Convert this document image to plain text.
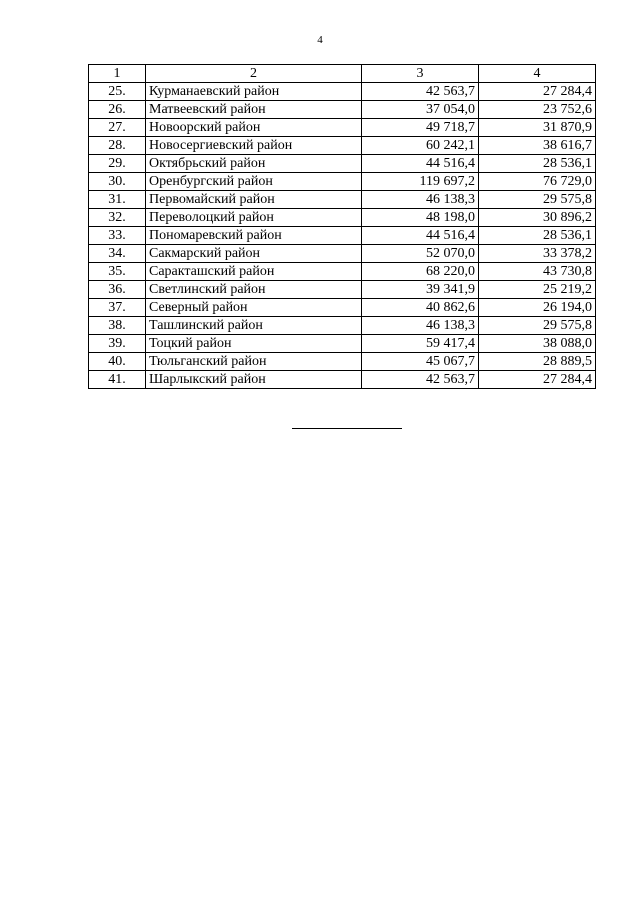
4
1	2	3	4
25.	Курманаевский район	42 563,7	27 284,4
26.	Матвеевский район	37 054,0	23 752,6
27.	Новоорский район	49 718,7	31 870,9
28.	Новосергиевский район	60 242,1	38 616,7
29.	Октябрьский район	44 516,4	28 536,1
30.	Оренбургский район	119 697,2	76 729,0
31.	Первомайский район	46 138,3	29 575,8
32.	Переволоцкий район	48 198,0	30 896,2
33.	Пономаревский район	44 516,4	28 536,1
34.	Сакмарский район	52 070,0	33 378,2
35.	Саракташский район	68 220,0	43 730,8
36.	Светлинский район	39 341,9	25 219,2
37.	Северный район	40 862,6	26 194,0
38.	Ташлинский район	46 138,3	29 575,8
39.	Тоцкий район	59 417,4	38 088,0
40.	Тюльганский район	45 067,7	28 889,5
41.	Шарлыкский район	42 563,7	27 284,4
